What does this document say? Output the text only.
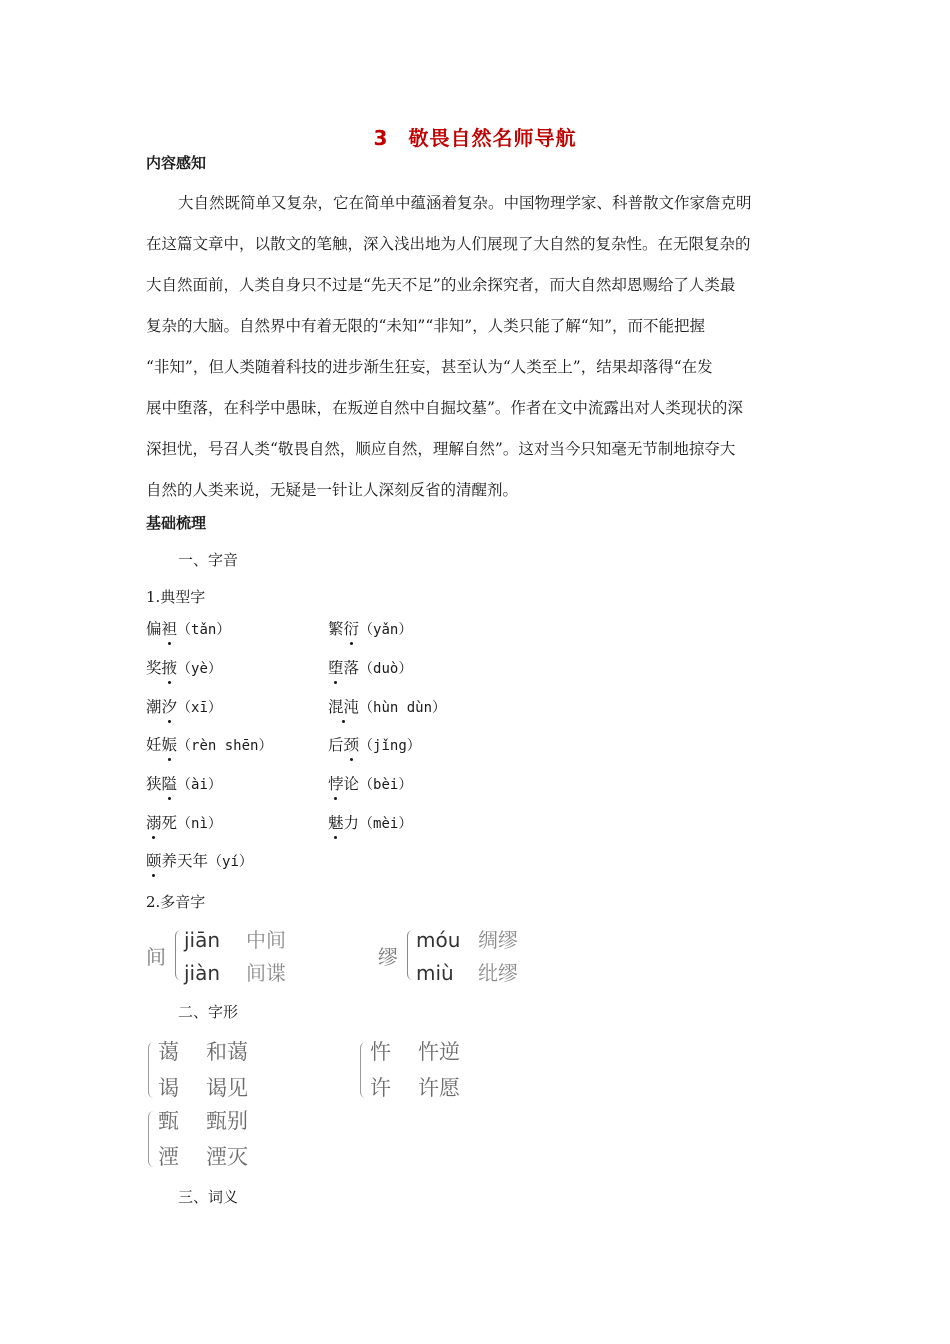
3 敬畏自然名师导航
内容感知
大自然既简单又复杂，它在简单中蕴涵着复杂。中国物理学家、科普散文作家詹克明
在这篇文章中，以散文的笔触，深入浅出地为人们展现了大自然的复杂性。在无限复杂的
大自然面前，人类自身只不过是“先天不足”的业余探究者，而大自然却恩赐给了人类最
复杂的大脑。自然界中有着无限的“未知”“非知”，人类只能了解“知”，而不能把握
“非知”，但人类随着科技的进步渐生狂妄，甚至认为“人类至上”，结果却落得“在发
展中堕落，在科学中愚昧，在叛逆自然中自掘坟墓”。作者在文中流露出对人类现状的深
深担忧，号召人类“敬畏自然，顺应自然，理解自然”。这对当今只知毫无节制地掠夺大
自然的人类来说，无疑是一针让人深刻反省的清醒剂。
基础梳理
一、字音
1.典型字
偏袒（tǎn）	繁衍（yǎn）
奖掖（yè）	堕落（duò）
潮汐（xī）	混沌（hùn dùn）
妊娠（rèn shēn）	后颈（jǐng）
狭隘（ài）	悖论（bèi）
溺死（nì）	魅力（mèi）
颐养天年（yí）
2.多音字
间
jiān 中间
jiàn 间谍
缪
móu 绸缪
miù 纰缪
二、字形
蔼 和蔼
谒 谒见
忤 忤逆
许 许愿
甄 甄别
湮 湮灭
三、词义
